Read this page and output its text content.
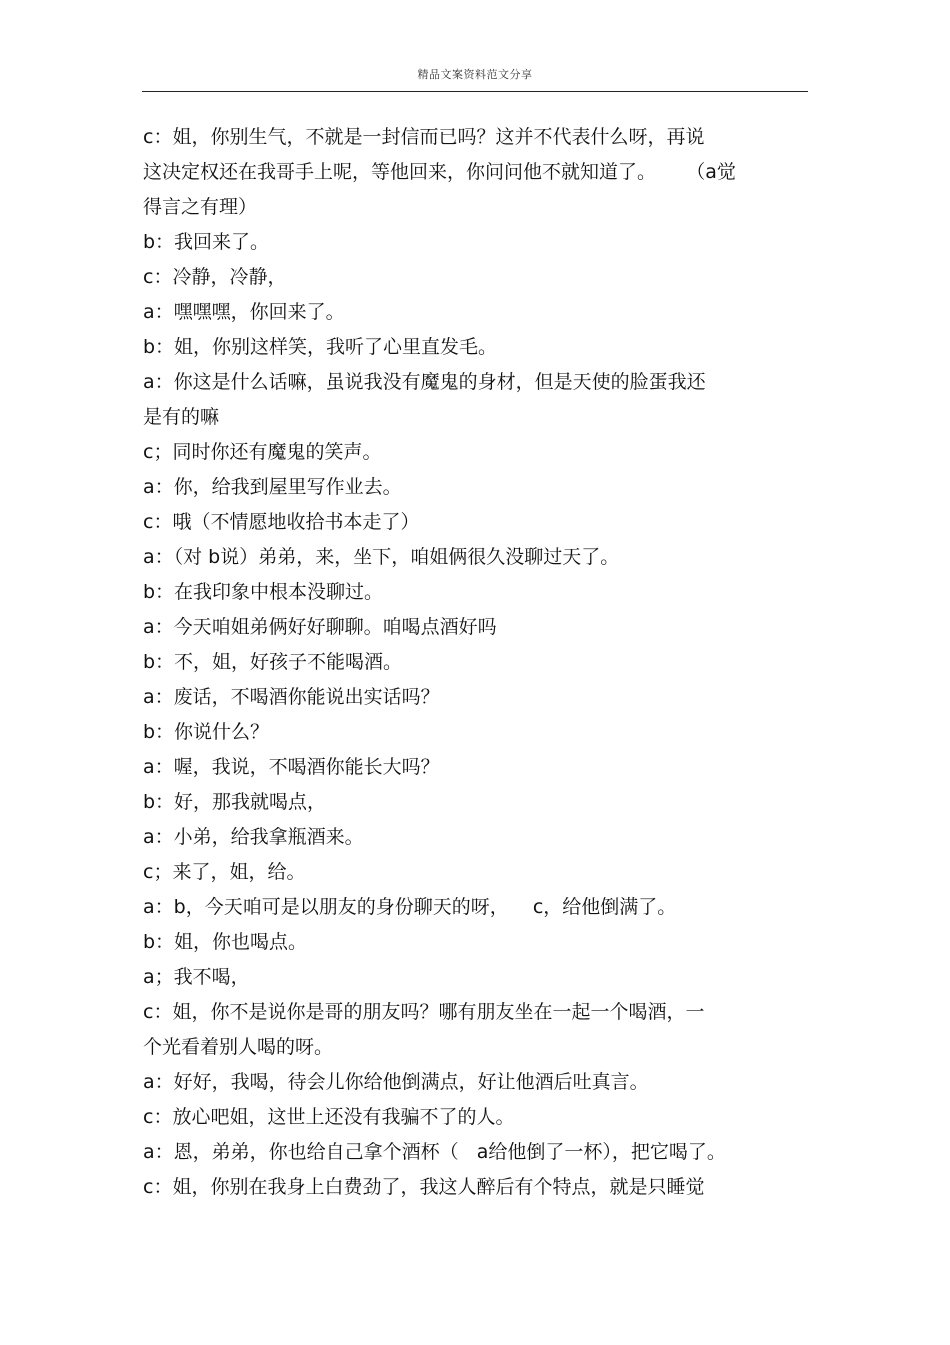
精品文案资料范文分享
c：姐，你别生气，不就是一封信而已吗？这并不代表什么呀，再说
这决定权还在我哥手上呢，等他回来，你问问他不就知道了。     （a觉
得言之有理）
b：我回来了。
c：冷静，冷静，
a：嘿嘿嘿，你回来了。
b：姐，你别这样笑，我听了心里直发毛。
a：你这是什么话嘛，虽说我没有魔鬼的身材，但是天使的脸蛋我还
是有的嘛
c；同时你还有魔鬼的笑声。
a：你，给我到屋里写作业去。
c：哦（不情愿地收拾书本走了）
a：（对 b说）弟弟，来，坐下，咱姐俩很久没聊过天了。
b：在我印象中根本没聊过。
a：今天咱姐弟俩好好聊聊。咱喝点酒好吗
b：不，姐，好孩子不能喝酒。
a：废话，不喝酒你能说出实话吗？
b：你说什么？
a：喔，我说，不喝酒你能长大吗？
b：好，那我就喝点，
a：小弟，给我拿瓶酒来。
c；来了，姐，给。
a：b，今天咱可是以朋友的身份聊天的呀，    c，给他倒满了。
b：姐，你也喝点。
a；我不喝，
c：姐，你不是说你是哥的朋友吗？哪有朋友坐在一起一个喝酒，一
个光看着别人喝的呀。
a：好好，我喝，待会儿你给他倒满点，好让他酒后吐真言。
c：放心吧姐，这世上还没有我骗不了的人。
a：恩，弟弟，你也给自己拿个酒杯（   a给他倒了一杯），把它喝了。
c：姐，你别在我身上白费劲了，我这人醉后有个特点，就是只睡觉
